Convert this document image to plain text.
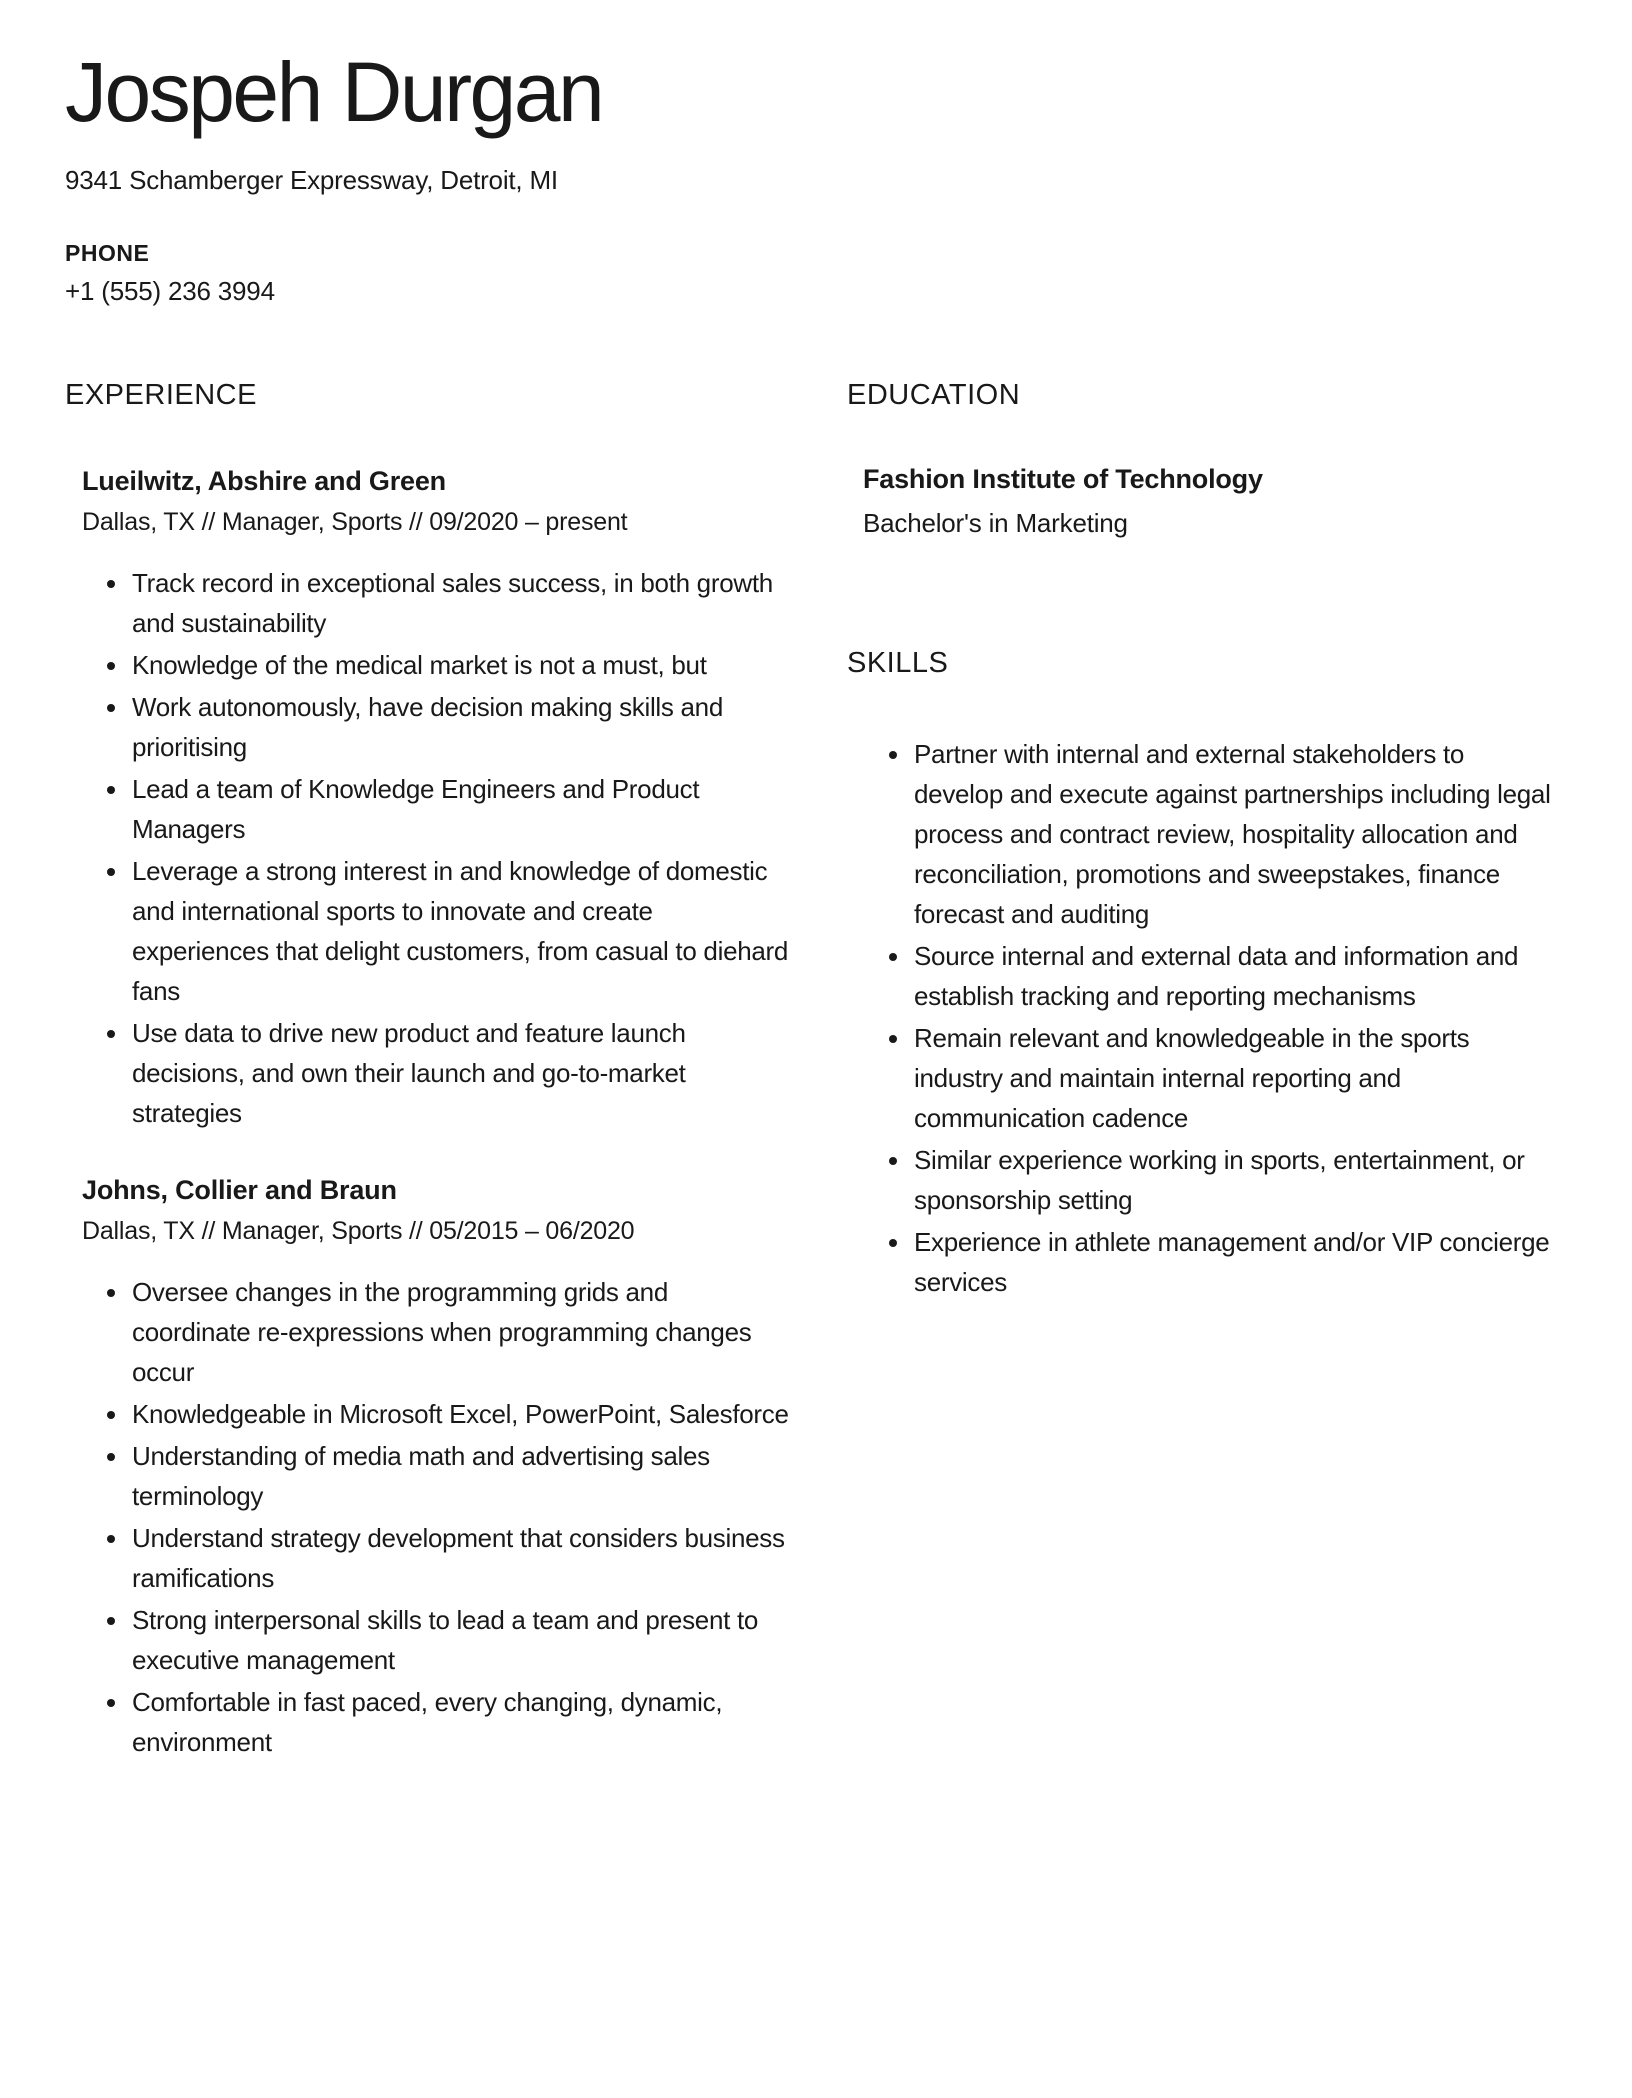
Jospeh Durgan

9341 Schamberger Expressway, Detroit, MI

PHONE

+1 (555) 236 3994

EXPERIENCE
Lueilwitz, Abshire and Green

Dallas, TX // Manager, Sports // 09/2020 – present

• Track record in exceptional sales success, in both growth and sustainability
• Knowledge of the medical market is not a must, but
• Work autonomously, have decision making skills and prioritising
• Lead a team of Knowledge Engineers and Product Managers
• Leverage a strong interest in and knowledge of domestic and international sports to innovate and create experiences that delight customers, from casual to diehard fans
• Use data to drive new product and feature launch decisions, and own their launch and go-to-market strategies
Johns, Collier and Braun

Dallas, TX // Manager, Sports // 05/2015 – 06/2020

• Oversee changes in the programming grids and coordinate re-expressions when programming changes occur
• Knowledgeable in Microsoft Excel, PowerPoint, Salesforce
• Understanding of media math and advertising sales terminology
• Understand strategy development that considers business ramifications
• Strong interpersonal skills to lead a team and present to executive management
• Comfortable in fast paced, every changing, dynamic, environment
EDUCATION
Fashion Institute of Technology

Bachelor's in Marketing

SKILLS
• Partner with internal and external stakeholders to develop and execute against partnerships including legal process and contract review, hospitality allocation and reconciliation, promotions and sweepstakes, finance forecast and auditing
• Source internal and external data and information and establish tracking and reporting mechanisms
• Remain relevant and knowledgeable in the sports industry and maintain internal reporting and communication cadence
• Similar experience working in sports, entertainment, or sponsorship setting
• Experience in athlete management and/or VIP concierge services
